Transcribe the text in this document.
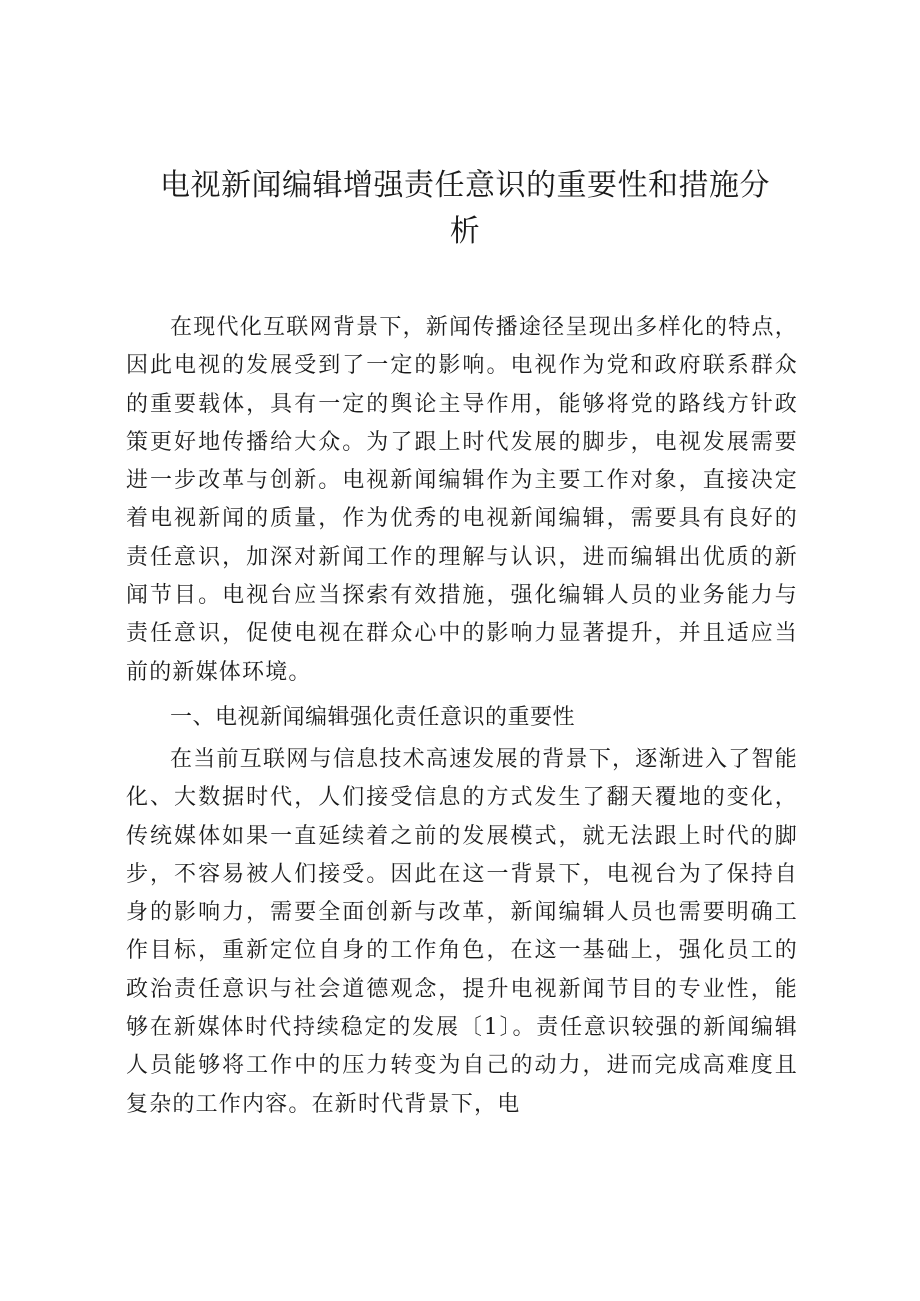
电视新闻编辑增强责任意识的重要性和措施分析

在现代化互联网背景下，新闻传播途径呈现出多样化的特点，因此电视的发展受到了一定的影响。电视作为党和政府联系群众的重要载体，具有一定的舆论主导作用，能够将党的路线方针政策更好地传播给大众。为了跟上时代发展的脚步，电视发展需要进一步改革与创新。电视新闻编辑作为主要工作对象，直接决定着电视新闻的质量，作为优秀的电视新闻编辑，需要具有良好的责任意识，加深对新闻工作的理解与认识，进而编辑出优质的新闻节目。电视台应当探索有效措施，强化编辑人员的业务能力与责任意识，促使电视在群众心中的影响力显著提升，并且适应当前的新媒体环境。

一、电视新闻编辑强化责任意识的重要性

在当前互联网与信息技术高速发展的背景下，逐渐进入了智能化、大数据时代，人们接受信息的方式发生了翻天覆地的变化，传统媒体如果一直延续着之前的发展模式，就无法跟上时代的脚步，不容易被人们接受。因此在这一背景下，电视台为了保持自身的影响力，需要全面创新与改革，新闻编辑人员也需要明确工作目标，重新定位自身的工作角色，在这一基础上，强化员工的政治责任意识与社会道德观念，提升电视新闻节目的专业性，能够在新媒体时代持续稳定的发展〔1〕。责任意识较强的新闻编辑人员能够将工作中的压力转变为自己的动力，进而完成高难度且复杂的工作内容。在新时代背景下，电
